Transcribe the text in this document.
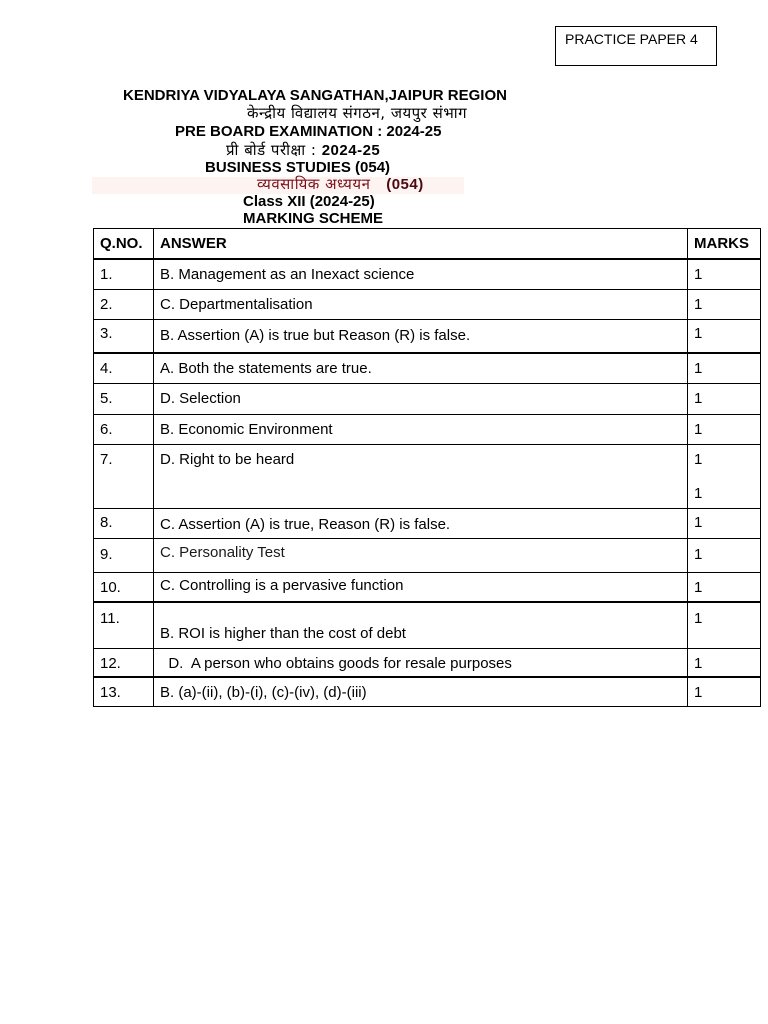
PRACTICE PAPER 4
KENDRIYA VIDYALAYA SANGATHAN,JAIPUR REGION
केन्द्रीय विद्यालय संगठन, जयपुर संभाग
PRE BOARD EXAMINATION : 2024-25
प्री बोर्ड परीक्षा : 2024-25
BUSINESS STUDIES (054)
व्यवसायिक अध्ययन (054)
Class XII (2024-25)
MARKING SCHEME
Q.NO.	ANSWER	MARKS
1.	B. Management as an Inexact science	1
2.	C. Departmentalisation	1
3.	B. Assertion (A) is true but Reason (R) is false.	1
4.	A. Both the statements are true.	1
5.	D. Selection	1
6.	B. Economic Environment	1
7.	D. Right to be heard	1
1

8.	C. Assertion (A) is true, Reason (R) is false.	1
9.	C. Personality Test	1
10.	C. Controlling is a pervasive function	1
11.	B. ROI is higher than the cost of debt	1
12.	D.  A person who obtains goods for resale purposes	1
13.	B. (a)-(ii), (b)-(i), (c)-(iv), (d)-(iii)	1
